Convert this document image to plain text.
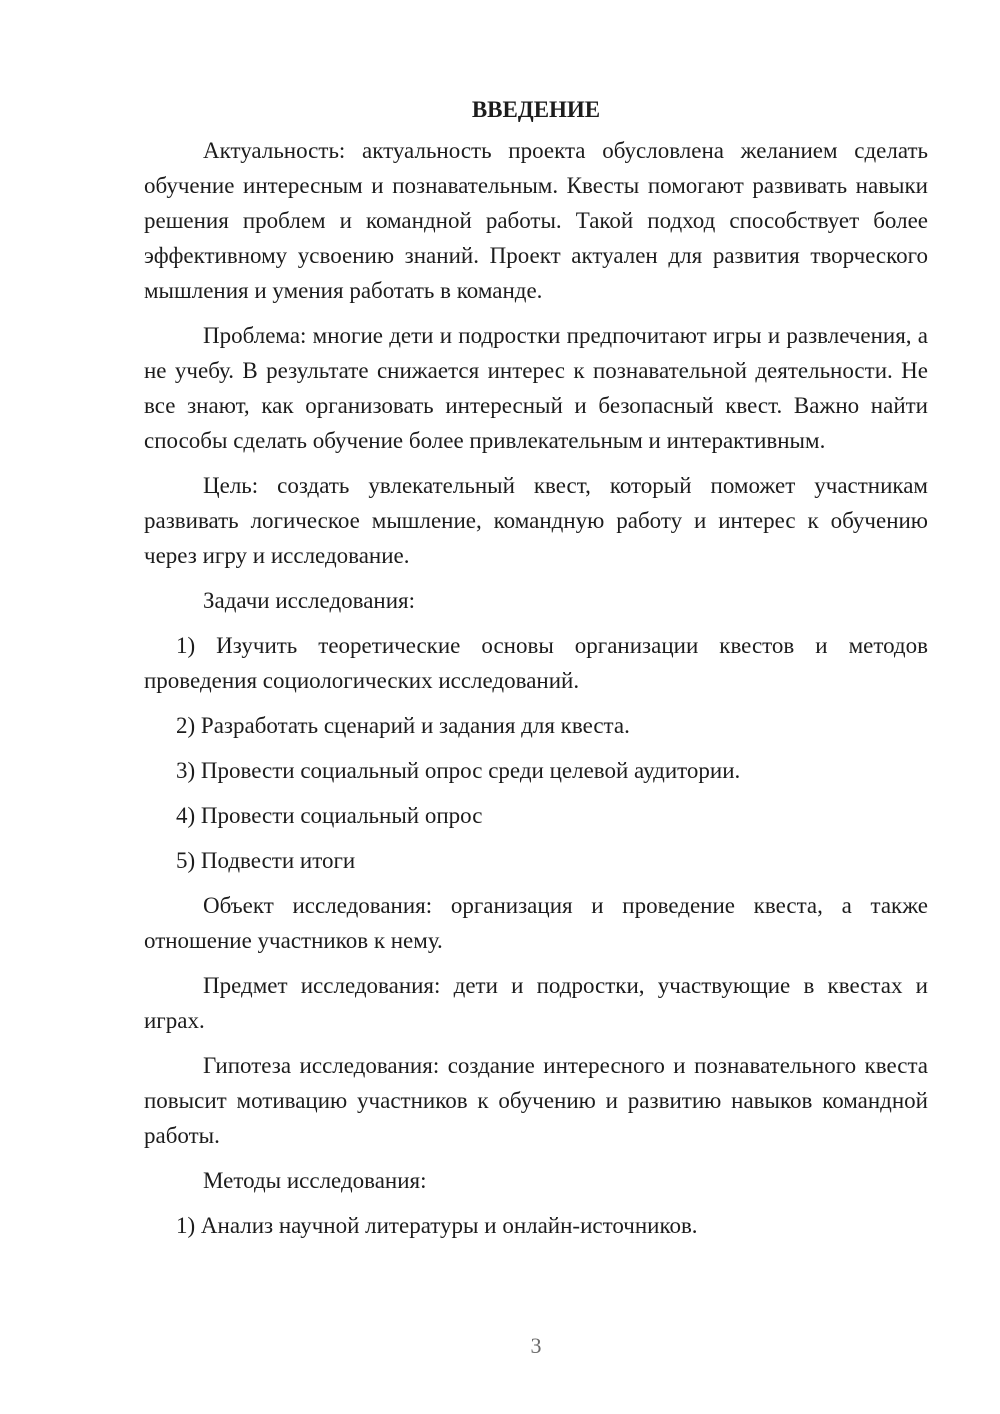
ВВЕДЕНИЕ

Актуальность: актуальность проекта обусловлена желанием сделать обучение интересным и познавательным. Квесты помогают развивать навыки решения проблем и командной работы. Такой подход способствует более эффективному усвоению знаний. Проект актуален для развития творческого мышления и умения работать в команде.

Проблема: многие дети и подростки предпочитают игры и развлечения, а не учебу. В результате снижается интерес к познавательной деятельности. Не все знают, как организовать интересный и безопасный квест. Важно найти способы сделать обучение более привлекательным и интерактивным.

Цель: создать увлекательный квест, который поможет участникам развивать логическое мышление, командную работу и интерес к обучению через игру и исследование.

Задачи исследования:

1) Изучить теоретические основы организации квестов и методов проведения социологических исследований.

2) Разработать сценарий и задания для квеста.

3) Провести социальный опрос среди целевой аудитории.

4) Провести социальный опрос

5) Подвести итоги

Объект исследования: организация и проведение квеста, а также отношение участников к нему.

Предмет исследования: дети и подростки, участвующие в квестах и играх.

Гипотеза исследования: создание интересного и познавательного квеста повысит мотивацию участников к обучению и развитию навыков командной работы.

Методы исследования:

1) Анализ научной литературы и онлайн-источников.

3
